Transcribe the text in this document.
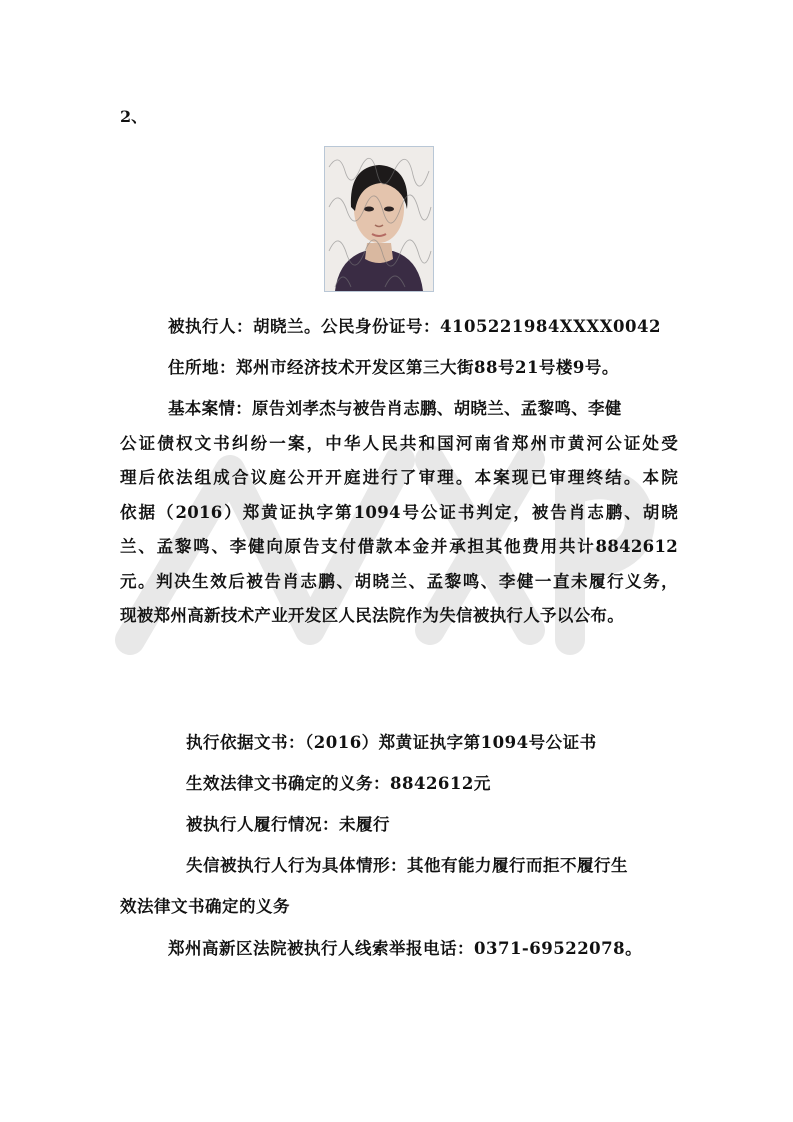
2、
被执行人：胡晓兰。公民身份证号：4105221984XXXX0042
住所地：郑州市经济技术开发区第三大街88号21号楼9号。
基本案情：原告刘孝杰与被告肖志鹏、胡晓兰、孟黎鸣、李健
公证债权文书纠纷一案，中华人民共和国河南省郑州市黄河公证处受
理后依法组成合议庭公开开庭进行了审理。本案现已审理终结。本院
依据（2016）郑黄证执字第1094号公证书判定，被告肖志鹏、胡晓
兰、孟黎鸣、李健向原告支付借款本金并承担其他费用共计8842612
元。判决生效后被告肖志鹏、胡晓兰、孟黎鸣、李健一直未履行义务，
现被郑州高新技术产业开发区人民法院作为失信被执行人予以公布。
执行依据文书：（2016）郑黄证执字第1094号公证书
生效法律文书确定的义务：8842612元
被执行人履行情况：未履行
失信被执行人行为具体情形：其他有能力履行而拒不履行生
效法律文书确定的义务
郑州高新区法院被执行人线索举报电话：0371-69522078。
